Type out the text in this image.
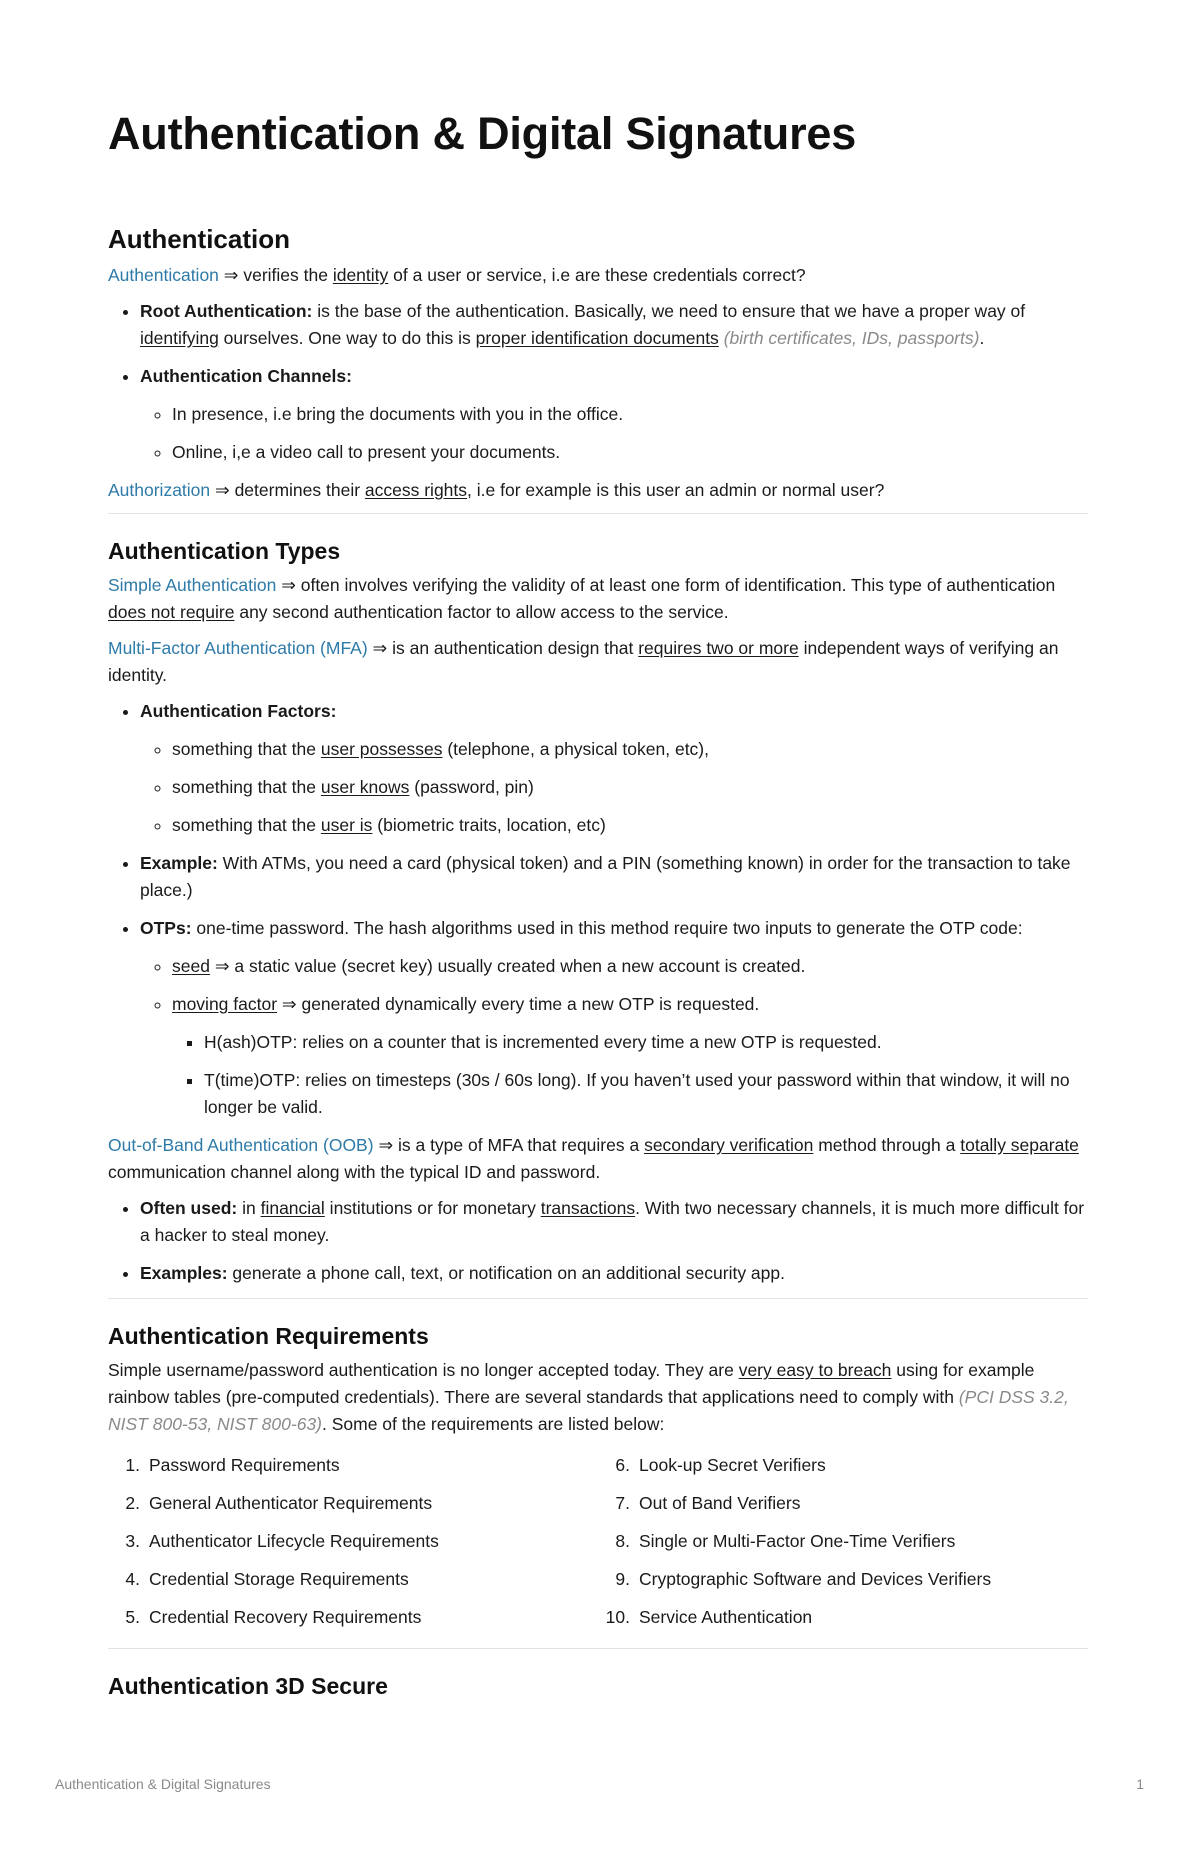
Authentication & Digital Signatures
Authentication

Authentication ⇒ verifies the identity of a user or service, i.e are these credentials correct?

• Root Authentication: is the base of the authentication. Basically, we need to ensure that we have a proper way of identifying ourselves. One way to do this is proper identification documents (birth certificates, IDs, passports).
• Authentication Channels:
◦ In presence, i.e bring the documents with you in the office.
◦ Online, i,e a video call to present your documents.

Authorization ⇒ determines their access rights, i.e for example is this user an admin or normal user?

Authentication Types

Simple Authentication ⇒ often involves verifying the validity of at least one form of identification. This type of authentication does not require any second authentication factor to allow access to the service.

Multi-Factor Authentication (MFA) ⇒ is an authentication design that requires two or more independent ways of verifying an identity.

• Authentication Factors:
◦ something that the user possesses (telephone, a physical token, etc),
◦ something that the user knows (password, pin)
◦ something that the user is (biometric traits, location, etc)
• Example: With ATMs, you need a card (physical token) and a PIN (something known) in order for the transaction to take place.)
• OTPs: one-time password. The hash algorithms used in this method require two inputs to generate the OTP code:
◦ seed ⇒ a static value (secret key) usually created when a new account is created.
◦ moving factor ⇒ generated dynamically every time a new OTP is requested.
▪ H(ash)OTP: relies on a counter that is incremented every time a new OTP is requested.
▪ T(time)OTP: relies on timesteps (30s / 60s long). If you haven’t used your password within that window, it will no longer be valid.

Out-of-Band Authentication (OOB) ⇒ is a type of MFA that requires a secondary verification method through a totally separate communication channel along with the typical ID and password.

• Often used: in financial institutions or for monetary transactions. With two necessary channels, it is much more difficult for a hacker to steal money.
• Examples: generate a phone call, text, or notification on an additional security app.
Authentication Requirements

Simple username/password authentication is no longer accepted today. They are very easy to breach using for example rainbow tables (pre-computed credentials). There are several standards that applications need to comply with (PCI DSS 3.2, NIST 800-53, NIST 800-63). Some of the requirements are listed below:

1. Password Requirements
2. General Authenticator Requirements
3. Authenticator Lifecycle Requirements
4. Credential Storage Requirements
5. Credential Recovery Requirements
6. Look-up Secret Verifiers
7. Out of Band Verifiers
8. Single or Multi-Factor One-Time Verifiers
9. Cryptographic Software and Devices Verifiers
10. Service Authentication
Authentication 3D Secure
Authentication & Digital Signatures	1
